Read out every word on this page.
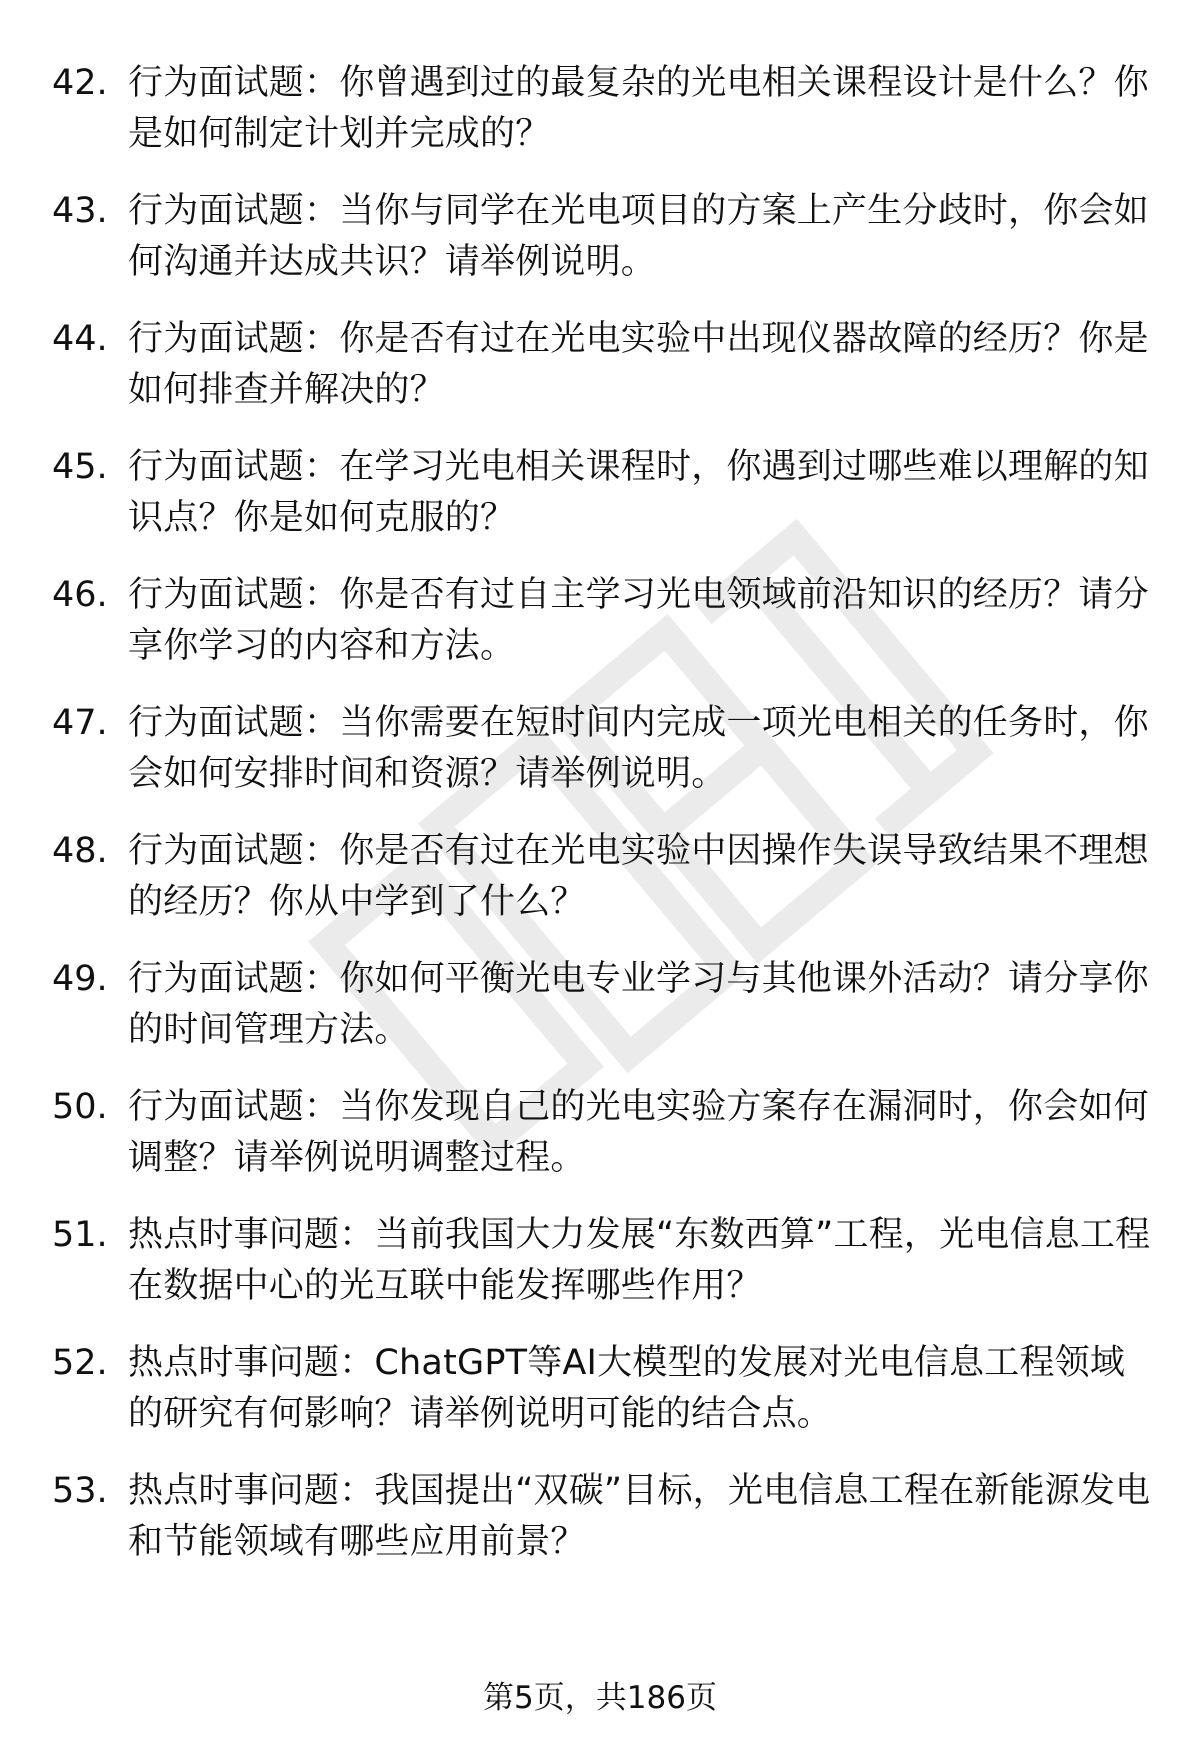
42. 行为面试题：你曾遇到过的最复杂的光电相关课程设计是什么？你是如何制定计划并完成的？
43. 行为面试题：当你与同学在光电项目的方案上产生分歧时，你会如何沟通并达成共识？请举例说明。
44. 行为面试题：你是否有过在光电实验中出现仪器故障的经历？你是如何排查并解决的？
45. 行为面试题：在学习光电相关课程时，你遇到过哪些难以理解的知识点？你是如何克服的？
46. 行为面试题：你是否有过自主学习光电领域前沿知识的经历？请分享你学习的内容和方法。
47. 行为面试题：当你需要在短时间内完成一项光电相关的任务时，你会如何安排时间和资源？请举例说明。
48. 行为面试题：你是否有过在光电实验中因操作失误导致结果不理想的经历？你从中学到了什么？
49. 行为面试题：你如何平衡光电专业学习与其他课外活动？请分享你的时间管理方法。
50. 行为面试题：当你发现自己的光电实验方案存在漏洞时，你会如何调整？请举例说明调整过程。
51. 热点时事问题：当前我国大力发展“东数西算”工程，光电信息工程在数据中心的光互联中能发挥哪些作用？
52. 热点时事问题：ChatGPT等AI大模型的发展对光电信息工程领域的研究有何影响？请举例说明可能的结合点。
53. 热点时事问题：我国提出“双碳”目标，光电信息工程在新能源发电和节能领域有哪些应用前景？
第5页，共186页
